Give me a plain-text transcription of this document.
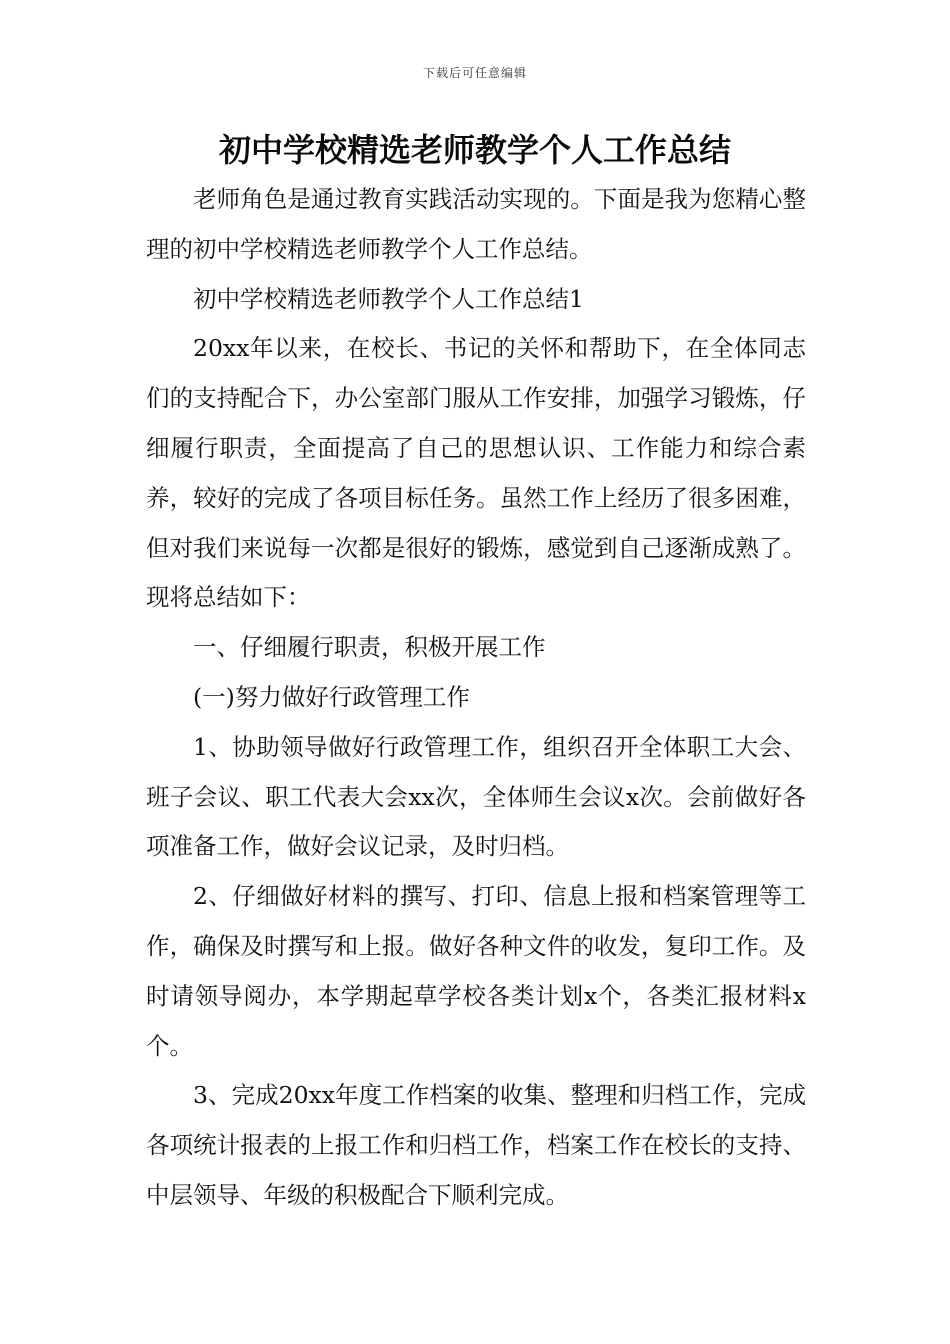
下载后可任意编辑
初中学校精选老师教学个人工作总结

老师角色是通过教育实践活动实现的。下面是我为您精心整理的初中学校精选老师教学个人工作总结。

初中学校精选老师教学个人工作总结1

20xx年以来，在校长、书记的关怀和帮助下，在全体同志们的支持配合下，办公室部门服从工作安排，加强学习锻炼，仔细履行职责，全面提高了自己的思想认识、工作能力和综合素养，较好的完成了各项目标任务。虽然工作上经历了很多困难，但对我们来说每一次都是很好的锻炼，感觉到自己逐渐成熟了。现将总结如下：

一、仔细履行职责，积极开展工作

(一)努力做好行政管理工作

1、协助领导做好行政管理工作，组织召开全体职工大会、班子会议、职工代表大会xx次，全体师生会议x次。会前做好各项准备工作，做好会议记录，及时归档。

2、仔细做好材料的撰写、打印、信息上报和档案管理等工作，确保及时撰写和上报。做好各种文件的收发，复印工作。及时请领导阅办，本学期起草学校各类计划x个，各类汇报材料x个。

3、完成20xx年度工作档案的收集、整理和归档工作，完成各项统计报表的上报工作和归档工作，档案工作在校长的支持、中层领导、年级的积极配合下顺利完成。
